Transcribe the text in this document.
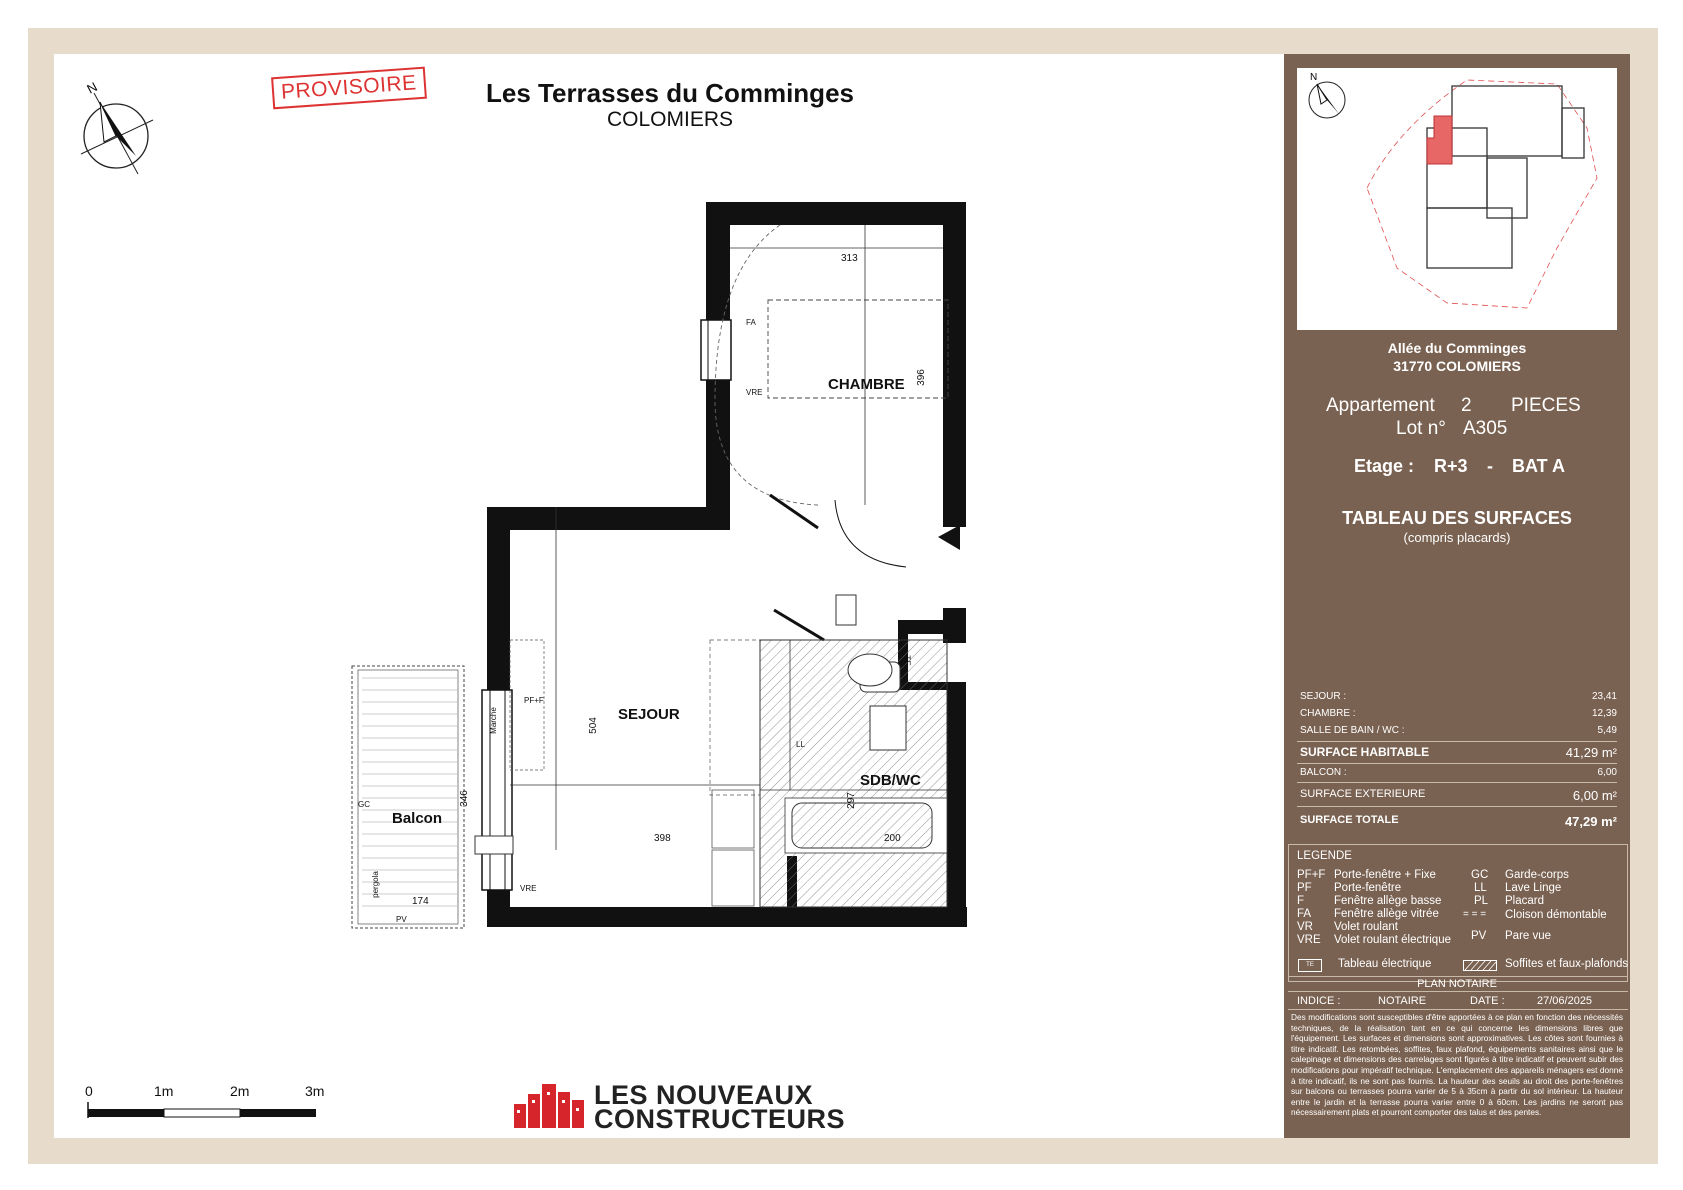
PROVISOIRE	Les Terrasses du Comminges
COLOMIERS
N
CHAMBRE
SEJOUR
SDB/WC
Balcon
313
396
504
398	200
297
346
174
FA
VRE
PF+F
Marche
GC
pergola
PV
VRE
LL
TE
0	1m	2m	3m	LES NOUVEAUX
CONSTRUCTEURS
N
Allée du Comminges
31770 COLOMIERS
Appartement 2 PIECES
Lot n° A305
Etage : R+3 - BAT A
TABLEAU DES SURFACES
(compris placards)
SEJOUR :	23,41
CHAMBRE :	12,39
SALLE DE BAIN / WC :	5,49
SURFACE HABITABLE	41,29 m²
BALCON :	6,00
SURFACE EXTERIEURE	6,00 m²
SURFACE TOTALE	47,29 m²
LEGENDE
PF+F Porte-fenêtre + Fixe
PF Porte-fenêtre
F	Fenêtre allège basse
FA Fenêtre allège vitrée
VR Volet roulant
VRE Volet roulant électrique
GC Garde-corps
LL Lave Linge
PL Placard
= = = Cloison démontable
PV Pare vue
TE	Tableau électrique	Soffites et faux-plafonds
PLAN NOTAIRE
INDICE :	NOTAIRE	DATE :	27/06/2025
Des modifications sont susceptibles d'être apportées à ce plan en fonction des nécessités techniques, de la réalisation tant en ce qui concerne les dimensions libres que l'équipement. Les surfaces et dimensions sont approximatives. Les côtes sont fournies à titre indicatif. Les retombées, soffites, faux plafond, équipements sanitaires ainsi que le calepinage et dimensions des carrelages sont figurés à titre indicatif et peuvent subir des modifications pour impératif technique. L'emplacement des appareils ménagers est donné à titre indicatif, ils ne sont pas fournis. La hauteur des seuils au droit des porte-fenêtres sur balcons ou terrasses pourra varier de 5 à 35cm à partir du sol intérieur. La hauteur entre le jardin et la terrasse pourra varier entre 0 à 60cm. Les jardins ne seront pas nécessairement plats et pourront comporter des talus et des pentes.
